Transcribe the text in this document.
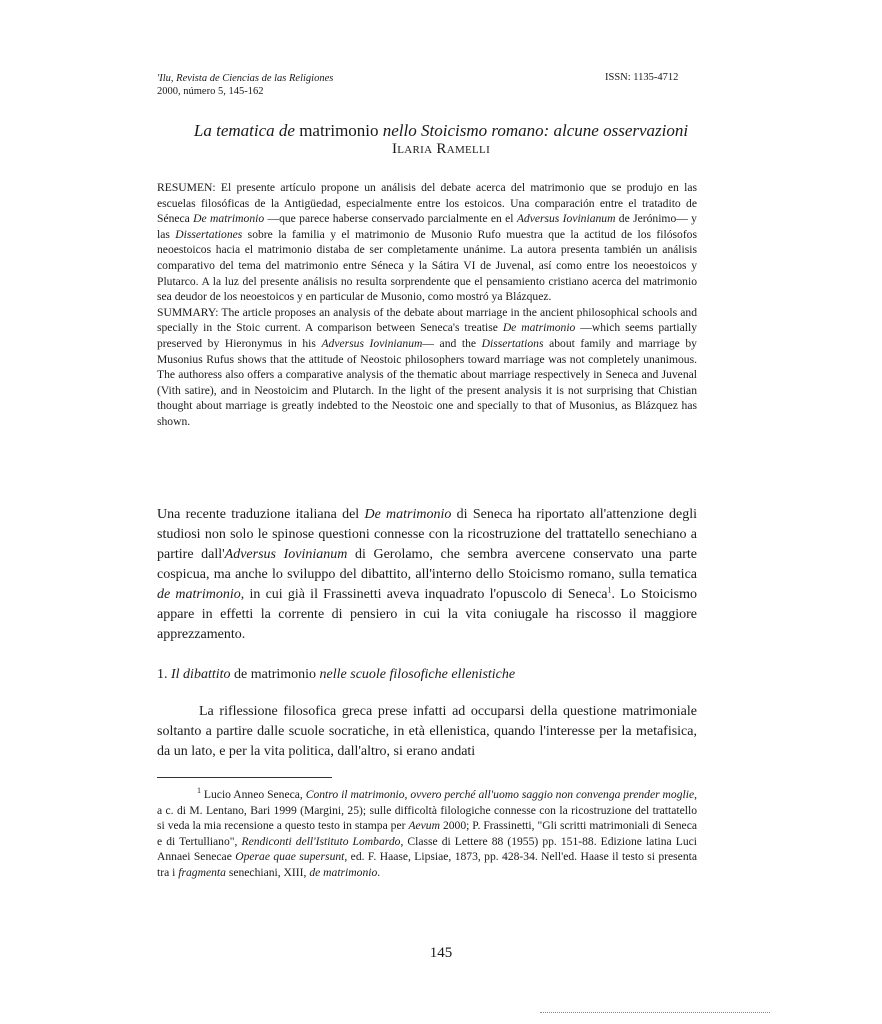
'Ilu, Revista de Ciencias de las Religiones
2000, número 5, 145-162
ISSN: 1135-4712
La tematica de matrimonio nello Stoicismo romano: alcune osservazioni
Ilaria Ramelli

RESUMEN: El presente artículo propone un análisis del debate acerca del matrimonio que se produjo en las escuelas filosóficas de la Antigüedad, especialmente entre los estoicos. Una comparación entre el tratadito de Séneca De matrimonio —que parece haberse conservado parcialmente en el Adversus Iovinianum de Jerónimo— y las Dissertationes sobre la familia y el matrimonio de Musonio Rufo muestra que la actitud de los filósofos neoestoicos hacia el matrimonio distaba de ser completamente unánime. La autora presenta también un análisis comparativo del tema del matrimonio entre Séneca y la Sátira VI de Juvenal, así como entre los neoestoicos y Plutarco. A la luz del presente análisis no resulta sorprendente que el pensamiento cristiano acerca del matrimonio sea deudor de los neoestoicos y en particular de Musonio, como mostró ya Blázquez.

SUMMARY: The article proposes an analysis of the debate about marriage in the ancient philosophical schools and specially in the Stoic current. A comparison between Seneca's treatise De matrimonio —which seems partially preserved by Hieronymus in his Adversus Iovinianum— and the Dissertations about family and marriage by Musonius Rufus shows that the attitude of Neostoic philosophers toward marriage was not completely unanimous. The authoress also offers a comparative analysis of the thematic about marriage respectively in Seneca and Juvenal (Vith satire), and in Neostoicim and Plutarch. In the light of the present analysis it is not surprising that Chistian thought about marriage is greatly indebted to the Neostoic one and specially to that of Musonius, as Blázquez has shown.

Una recente traduzione italiana del De matrimonio di Seneca ha riportato all'attenzione degli studiosi non solo le spinose questioni connesse con la ricostruzione del trattatello senechiano a partire dall'Adversus Iovinianum di Gerolamo, che sembra avercene conservato una parte cospicua, ma anche lo sviluppo del dibattito, all'interno dello Stoicismo romano, sulla tematica de matrimonio, in cui già il Frassinetti aveva inquadrato l'opuscolo di Seneca$^1$. Lo Stoicismo appare in effetti la corrente di pensiero in cui la vita coniugale ha riscosso il maggiore apprezzamento.

1. Il dibattito de matrimonio nelle scuole filosofiche ellenistiche

La riflessione filosofica greca prese infatti ad occuparsi della questione matrimoniale soltanto a partire dalle scuole socratiche, in età ellenistica, quando l'interesse per la metafisica, da un lato, e per la vita politica, dall'altro, si erano andati

$^1$ Lucio Anneo Seneca, Contro il matrimonio, ovvero perché all'uomo saggio non convenga prender moglie, a c. di M. Lentano, Bari 1999 (Margini, 25); sulle difficoltà filologiche connesse con la ricostruzione del trattatello si veda la mia recensione a questo testo in stampa per Aevum 2000; P. Frassinetti, "Gli scritti matrimoniali di Seneca e di Tertulliano", Rendiconti dell'Istituto Lombardo, Classe di Lettere 88 (1955) pp. 151-88. Edizione latina Luci Annaei Senecae Operae quae supersunt, ed. F. Haase, Lipsiae, 1873, pp. 428-34. Nell'ed. Haase il testo si presenta tra i fragmenta senechiani, XIII, de matrimonio.

145
